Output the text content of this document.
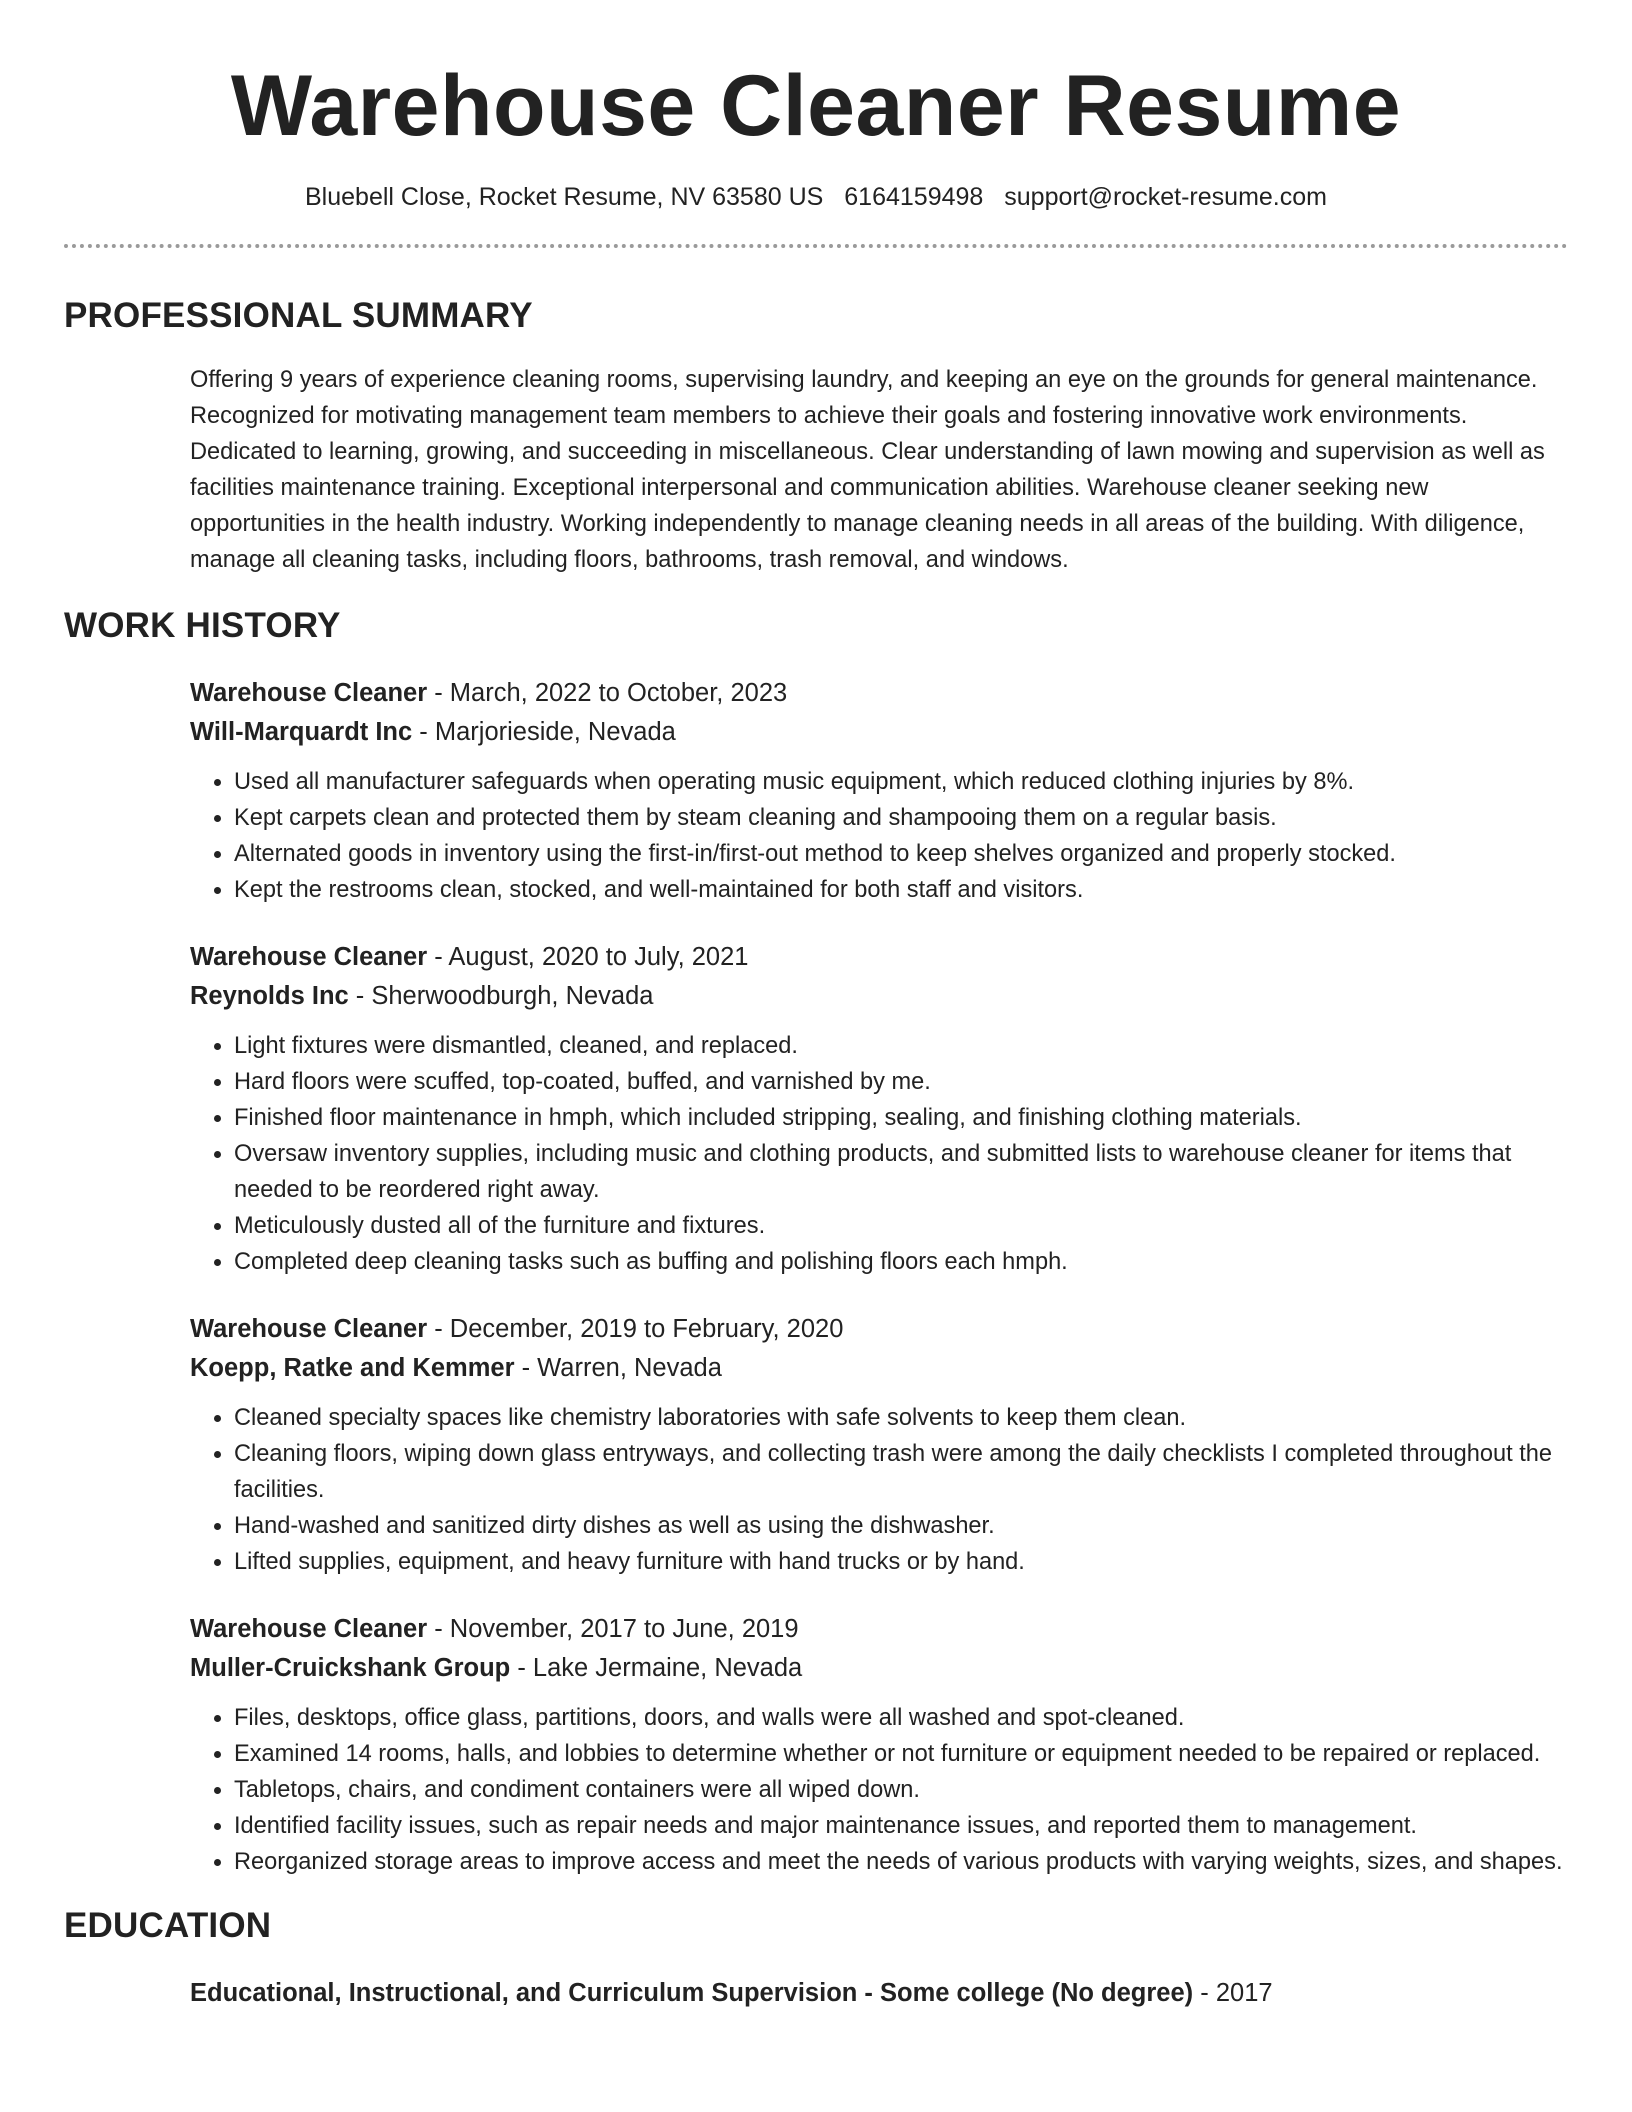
Warehouse Cleaner Resume
Bluebell Close, Rocket Resume, NV 63580 US 6164159498 support@rocket-resume.com
PROFESSIONAL SUMMARY
Offering 9 years of experience cleaning rooms, supervising laundry, and keeping an eye on the grounds for general maintenance. Recognized for motivating management team members to achieve their goals and fostering innovative work environments. Dedicated to learning, growing, and succeeding in miscellaneous. Clear understanding of lawn mowing and supervision as well as facilities maintenance training. Exceptional interpersonal and communication abilities. Warehouse cleaner seeking new opportunities in the health industry. Working independently to manage cleaning needs in all areas of the building. With diligence, manage all cleaning tasks, including floors, bathrooms, trash removal, and windows.
WORK HISTORY
Warehouse Cleaner - March, 2022 to October, 2023
Will-Marquardt Inc - Marjorieside, Nevada
• Used all manufacturer safeguards when operating music equipment, which reduced clothing injuries by 8%.
• Kept carpets clean and protected them by steam cleaning and shampooing them on a regular basis.
• Alternated goods in inventory using the first-in/first-out method to keep shelves organized and properly stocked.
• Kept the restrooms clean, stocked, and well-maintained for both staff and visitors.
Warehouse Cleaner - August, 2020 to July, 2021
Reynolds Inc - Sherwoodburgh, Nevada
• Light fixtures were dismantled, cleaned, and replaced.
• Hard floors were scuffed, top-coated, buffed, and varnished by me.
• Finished floor maintenance in hmph, which included stripping, sealing, and finishing clothing materials.
• Oversaw inventory supplies, including music and clothing products, and submitted lists to warehouse cleaner for items that needed to be reordered right away.
• Meticulously dusted all of the furniture and fixtures.
• Completed deep cleaning tasks such as buffing and polishing floors each hmph.
Warehouse Cleaner - December, 2019 to February, 2020
Koepp, Ratke and Kemmer - Warren, Nevada
• Cleaned specialty spaces like chemistry laboratories with safe solvents to keep them clean.
• Cleaning floors, wiping down glass entryways, and collecting trash were among the daily checklists I completed throughout the facilities.
• Hand-washed and sanitized dirty dishes as well as using the dishwasher.
• Lifted supplies, equipment, and heavy furniture with hand trucks or by hand.
Warehouse Cleaner - November, 2017 to June, 2019
Muller-Cruickshank Group - Lake Jermaine, Nevada
• Files, desktops, office glass, partitions, doors, and walls were all washed and spot-cleaned.
• Examined 14 rooms, halls, and lobbies to determine whether or not furniture or equipment needed to be repaired or replaced.
• Tabletops, chairs, and condiment containers were all wiped down.
• Identified facility issues, such as repair needs and major maintenance issues, and reported them to management.
• Reorganized storage areas to improve access and meet the needs of various products with varying weights, sizes, and shapes.
EDUCATION
Educational, Instructional, and Curriculum Supervision - Some college (No degree) - 2017
